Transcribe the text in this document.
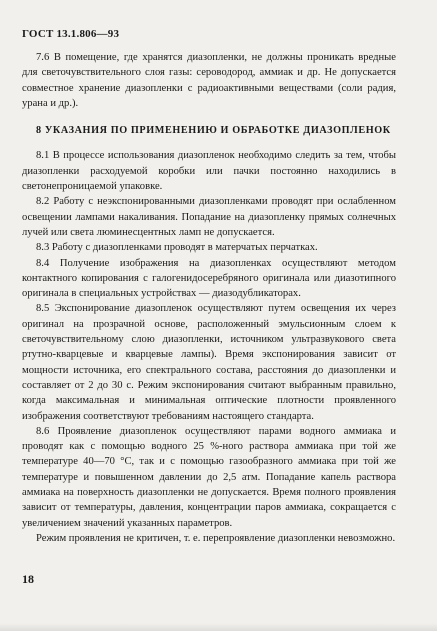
ГОСТ 13.1.806—93

7.6 В помещение, где хранятся диазопленки, не должны проникать вредные для светочувствительного слоя газы: сероводород, аммиак и др. Не допускается совместное хранение диазопленки с радиоактивными веществами (соли радия, урана и др.).

8 УКАЗАНИЯ ПО ПРИМЕНЕНИЮ И ОБРАБОТКЕ ДИАЗОПЛЕНОК

8.1 В процессе использования диазопленок необходимо следить за тем, чтобы диазопленки расходуемой коробки или пачки постоянно находились в светонепроницаемой упаковке.

8.2 Работу с неэкспонированными диазопленками проводят при ослабленном освещении лампами накаливания. Попадание на диазопленку прямых солнечных лучей или света люминесцентных ламп не допускается.

8.3 Работу с диазопленками проводят в матерчатых перчатках.

8.4 Получение изображения на диазопленках осуществляют методом контактного копирования с галогенидосеребряного оригинала или диазотипного оригинала в специальных устройствах — диазодубликаторах.

8.5 Экспонирование диазопленок осуществляют путем освещения их через оригинал на прозрачной основе, расположенный эмульсионным слоем к светочувствительному слою диазопленки, источником ультразвукового света ртутно-кварцевые и кварцевые лампы). Время экспонирования зависит от мощности источника, его спектрального состава, расстояния до диазопленки и составляет от 2 до 30 с. Режим экспонирования считают выбранным правильно, когда максимальная и минимальная оптические плотности проявленного изображения соответствуют требованиям настоящего стандарта.

8.6 Проявление диазопленок осуществляют парами водного аммиака и проводят как с помощью водного 25 %-ного раствора аммиака при той же температуре 40—70 °С, так и с помощью газообразного аммиака при той же температуре и повышенном давлении до 2,5 атм. Попадание капель раствора аммиака на поверхность диазопленки не допускается. Время полного проявления зависит от температуры, давления, концентрации паров аммиака, сокращается с увеличением значений указанных параметров.

Режим проявления не критичен, т. е. перепроявление диазопленки невозможно.

18
